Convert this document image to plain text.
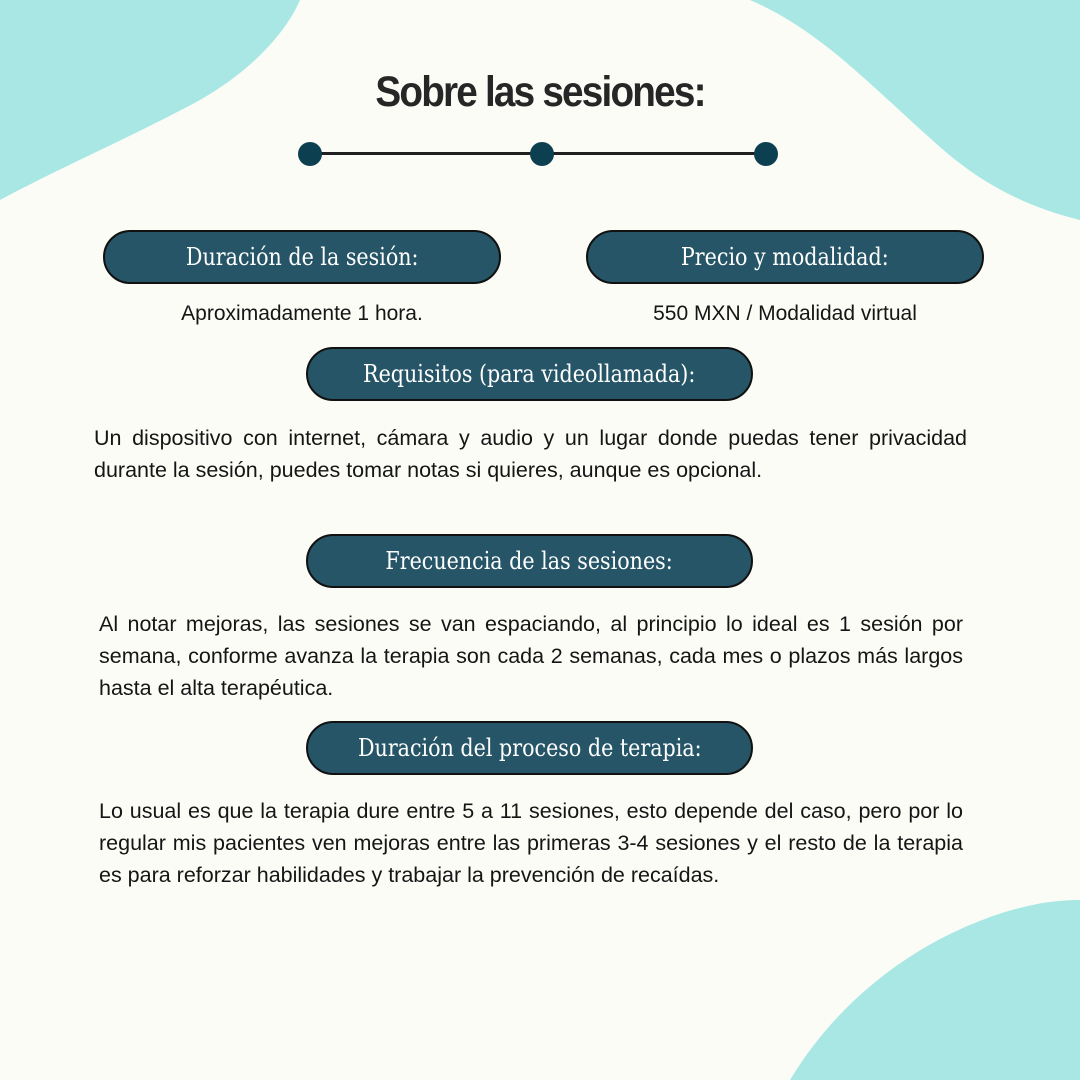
Sobre las sesiones:
Duración de la sesión:
Aproximadamente 1 hora.
Precio y modalidad:
550 MXN / Modalidad virtual
Requisitos (para videollamada):
Un dispositivo con internet, cámara y audio y un lugar donde puedas tener privacidad durante la sesión, puedes tomar notas si quieres, aunque es opcional.
Frecuencia de las sesiones:
Al notar mejoras, las sesiones se van espaciando, al principio lo ideal es 1 sesión por semana, conforme avanza la terapia son cada 2 semanas, cada mes o plazos más largos hasta el alta terapéutica.
Duración del proceso de terapia:
Lo usual es que la terapia dure entre 5 a 11 sesiones, esto depende del caso, pero por lo regular mis pacientes ven mejoras entre las primeras 3-4 sesiones y el resto de la terapia es para reforzar habilidades y trabajar la prevención de recaídas.
